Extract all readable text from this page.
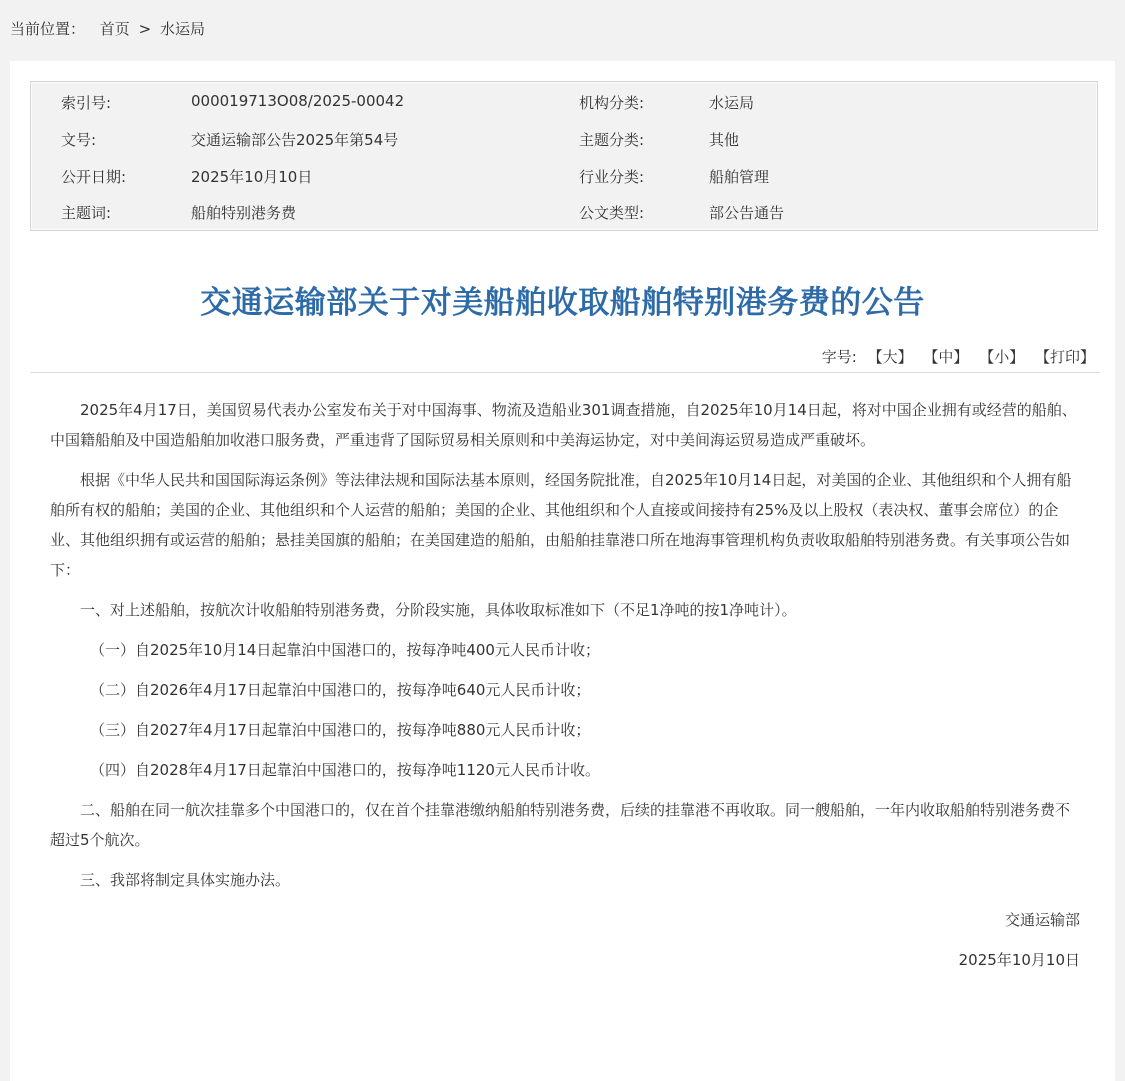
当前位置： 首页 > 水运局
索引号:	000019713O08/2025-00042	机构分类:	水运局
文号:	交通运输部公告2025年第54号	主题分类:	其他
公开日期:	2025年10月10日	行业分类:	船舶管理
主题词:	船舶特别港务费	公文类型:	部公告通告
交通运输部关于对美船舶收取船舶特别港务费的公告
字号: 【大】 【中】 【小】 【打印】

2025年4月17日，美国贸易代表办公室发布关于对中国海事、物流及造船业301调查措施，自2025年10月14日起，将对中国企业拥有或经营的船舶、中国籍船舶及中国造船舶加收港口服务费，严重违背了国际贸易相关原则和中美海运协定，对中美间海运贸易造成严重破坏。

根据《中华人民共和国国际海运条例》等法律法规和国际法基本原则，经国务院批准，自2025年10月14日起，对美国的企业、其他组织和个人拥有船舶所有权的船舶；美国的企业、其他组织和个人运营的船舶；美国的企业、其他组织和个人直接或间接持有25%及以上股权（表决权、董事会席位）的企业、其他组织拥有或运营的船舶；悬挂美国旗的船舶；在美国建造的船舶，由船舶挂靠港口所在地海事管理机构负责收取船舶特别港务费。有关事项公告如下：

一、对上述船舶，按航次计收船舶特别港务费，分阶段实施，具体收取标准如下（不足1净吨的按1净吨计）。

（一）自2025年10月14日起靠泊中国港口的，按每净吨400元人民币计收；

（二）自2026年4月17日起靠泊中国港口的，按每净吨640元人民币计收；

（三）自2027年4月17日起靠泊中国港口的，按每净吨880元人民币计收；

（四）自2028年4月17日起靠泊中国港口的，按每净吨1120元人民币计收。

二、船舶在同一航次挂靠多个中国港口的，仅在首个挂靠港缴纳船舶特别港务费，后续的挂靠港不再收取。同一艘船舶，一年内收取船舶特别港务费不超过5个航次。

三、我部将制定具体实施办法。

交通运输部
2025年10月10日
